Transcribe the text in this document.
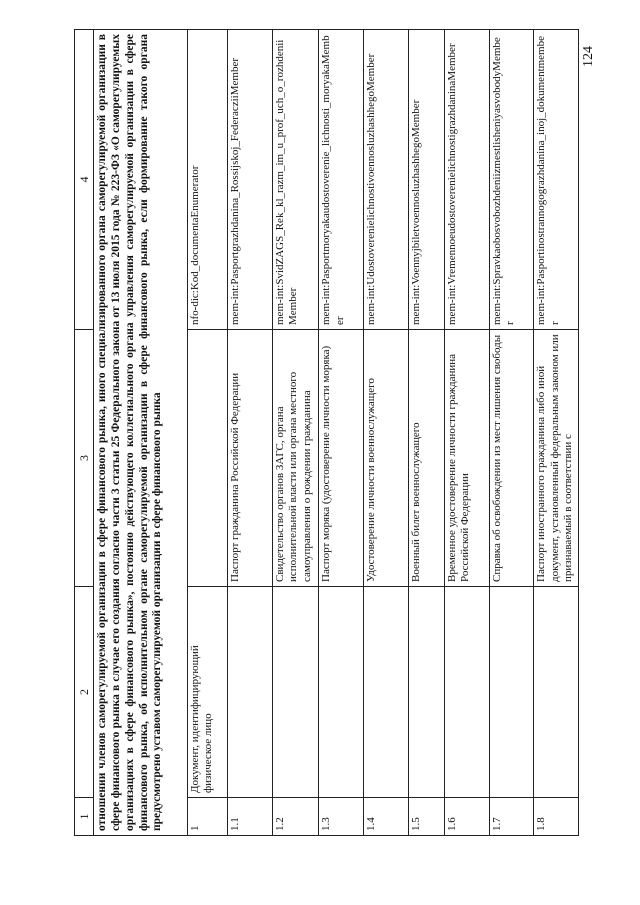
124
1	2	3	4
отношении членов саморегулируемой организации в сфере финансового рынка, иного специализированного органа саморегулируемой организации в сфере финансового рынка в случае его создания согласно части 3 статьи 25 Федерального закона от 13 июля 2015 года № 223-ФЗ «О саморегулируемых организациях в сфере финансового рынка», постоянно действующего коллегиального органа управления саморегулируемой организации в сфере финансового рынка, об исполнительном органе саморегулируемой организации в сфере финансового рынка, если формирование такого органа предусмотрено уставом саморегулируемой организации в сфере финансового рынка			
1	Документ, идентифицирующий физическое лицо		nfo-dic:Kod_documentaEnumerator
1.1		Паспорт гражданина Российской Федерации	mem-int:Pasportgrazhdanina_Rossijskoj_FederacziiMember
1.2		Свидетельство органов ЗАГС, органа исполнительной власти или органа местного самоуправления о рождении гражданина	mem-int:SvidZAGS_Rek_kl_razm_im_u_prof_uch_o_rozhdeniiMember
1.3		Паспорт моряка (удостоверение личности моряка)	mem-int:Pasportmoryakaudostoverenie_lichnosti_moryakaMember
1.4		Удостоверение личности военнослужащего	mem-int:UdostoverenielichnostivoennosluzhashhegoMember
1.5		Военный билет военнослужащего	mem-int:VoennyjbiletvoennosluzhashhegoMember
1.6		Временное удостоверение личности гражданина Российской Федерации	mem-int:VremennoeudostoverenielichnostigrazhdaninaMember
1.7		Справка об освобождении из мест лишения свободы	mem-int:SpravkaobosvobozhdeniizmestlisheniyasvobodyMember
1.8		Паспорт иностранного гражданина либо иной документ, установленный федеральным законом или признаваемый в соответствии с	mem-int:Pasportinostrannogograzhdanina_inoj_dokumentmember
